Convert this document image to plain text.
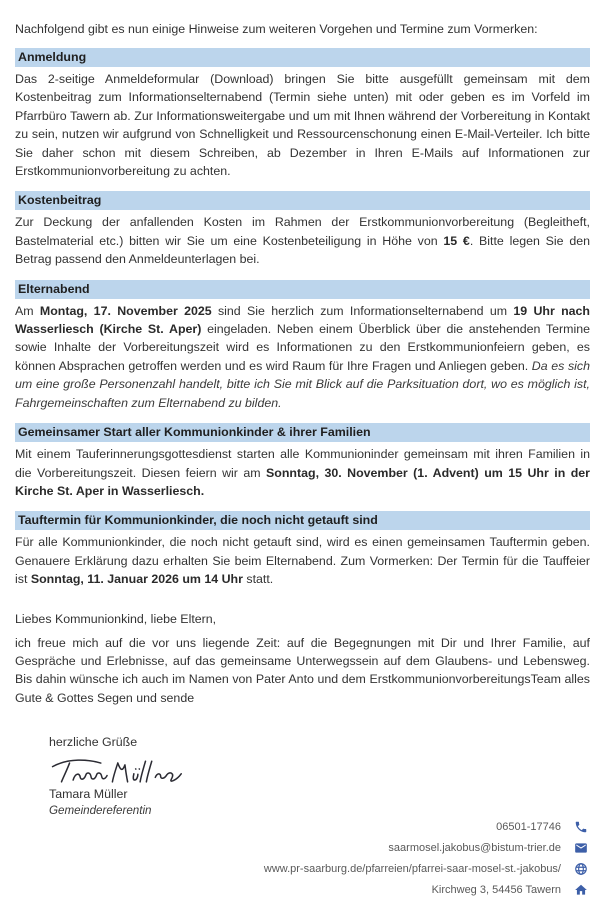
Nachfolgend gibt es nun einige Hinweise zum weiteren Vorgehen und Termine zum Vormerken:

Anmeldung

Das 2-seitige Anmeldeformular (Download) bringen Sie bitte ausgefüllt gemeinsam mit dem Kostenbeitrag zum Informationselternabend (Termin siehe unten) mit oder geben es im Vorfeld im Pfarrbüro Tawern ab. Zur Informationsweitergabe und um mit Ihnen während der Vorbereitung in Kontakt zu sein, nutzen wir aufgrund von Schnelligkeit und Ressourcenschonung einen E-Mail-Verteiler. Ich bitte Sie daher schon mit diesem Schreiben, ab Dezember in Ihren E-Mails auf Informationen zur Erstkommunionvorbereitung zu achten.

Kostenbeitrag

Zur Deckung der anfallenden Kosten im Rahmen der Erstkommunionvorbereitung (Begleitheft, Bastelmaterial etc.) bitten wir Sie um eine Kostenbeteiligung in Höhe von 15 €. Bitte legen Sie den Betrag passend den Anmeldeunterlagen bei.

Elternabend

Am Montag, 17. November 2025 sind Sie herzlich zum Informationselternabend um 19 Uhr nach Wasserliesch (Kirche St. Aper) eingeladen. Neben einem Überblick über die anstehenden Termine sowie Inhalte der Vorbereitungszeit wird es Informationen zu den Erstkommunionfeiern geben, es können Absprachen getroffen werden und es wird Raum für Ihre Fragen und Anliegen geben. Da es sich um eine große Personenzahl handelt, bitte ich Sie mit Blick auf die Parksituation dort, wo es möglich ist, Fahrgemeinschaften zum Elternabend zu bilden.

Gemeinsamer Start aller Kommunionkinder & ihrer Familien

Mit einem Tauferinnerungsgottesdienst starten alle Kommunioninder gemeinsam mit ihren Familien in die Vorbereitungszeit. Diesen feiern wir am Sonntag, 30. November (1. Advent) um 15 Uhr in der Kirche St. Aper in Wasserliesch.

Tauftermin für Kommunionkinder, die noch nicht getauft sind

Für alle Kommunionkinder, die noch nicht getauft sind, wird es einen gemeinsamen Tauftermin geben. Genauere Erklärung dazu erhalten Sie beim Elternabend. Zum Vormerken: Der Termin für die Tauffeier ist Sonntag, 11. Januar 2026 um 14 Uhr statt.

Liebes Kommunionkind, liebe Eltern,

ich freue mich auf die vor uns liegende Zeit: auf die Begegnungen mit Dir und Ihrer Familie, auf Gespräche und Erlebnisse, auf das gemeinsame Unterwegssein auf dem Glaubens- und Lebensweg. Bis dahin wünsche ich auch im Namen von Pater Anto und dem ErstkommunionvorbereitungsTeam alles Gute & Gottes Segen und sende

herzliche Grüße

Tamara Müller

Gemeindereferentin

06501-17746
saarmosel.jakobus@bistum-trier.de
www.pr-saarburg.de/pfarreien/pfarrei-saar-mosel-st.-jakobus/
Kirchweg 3, 54456 Tawern
